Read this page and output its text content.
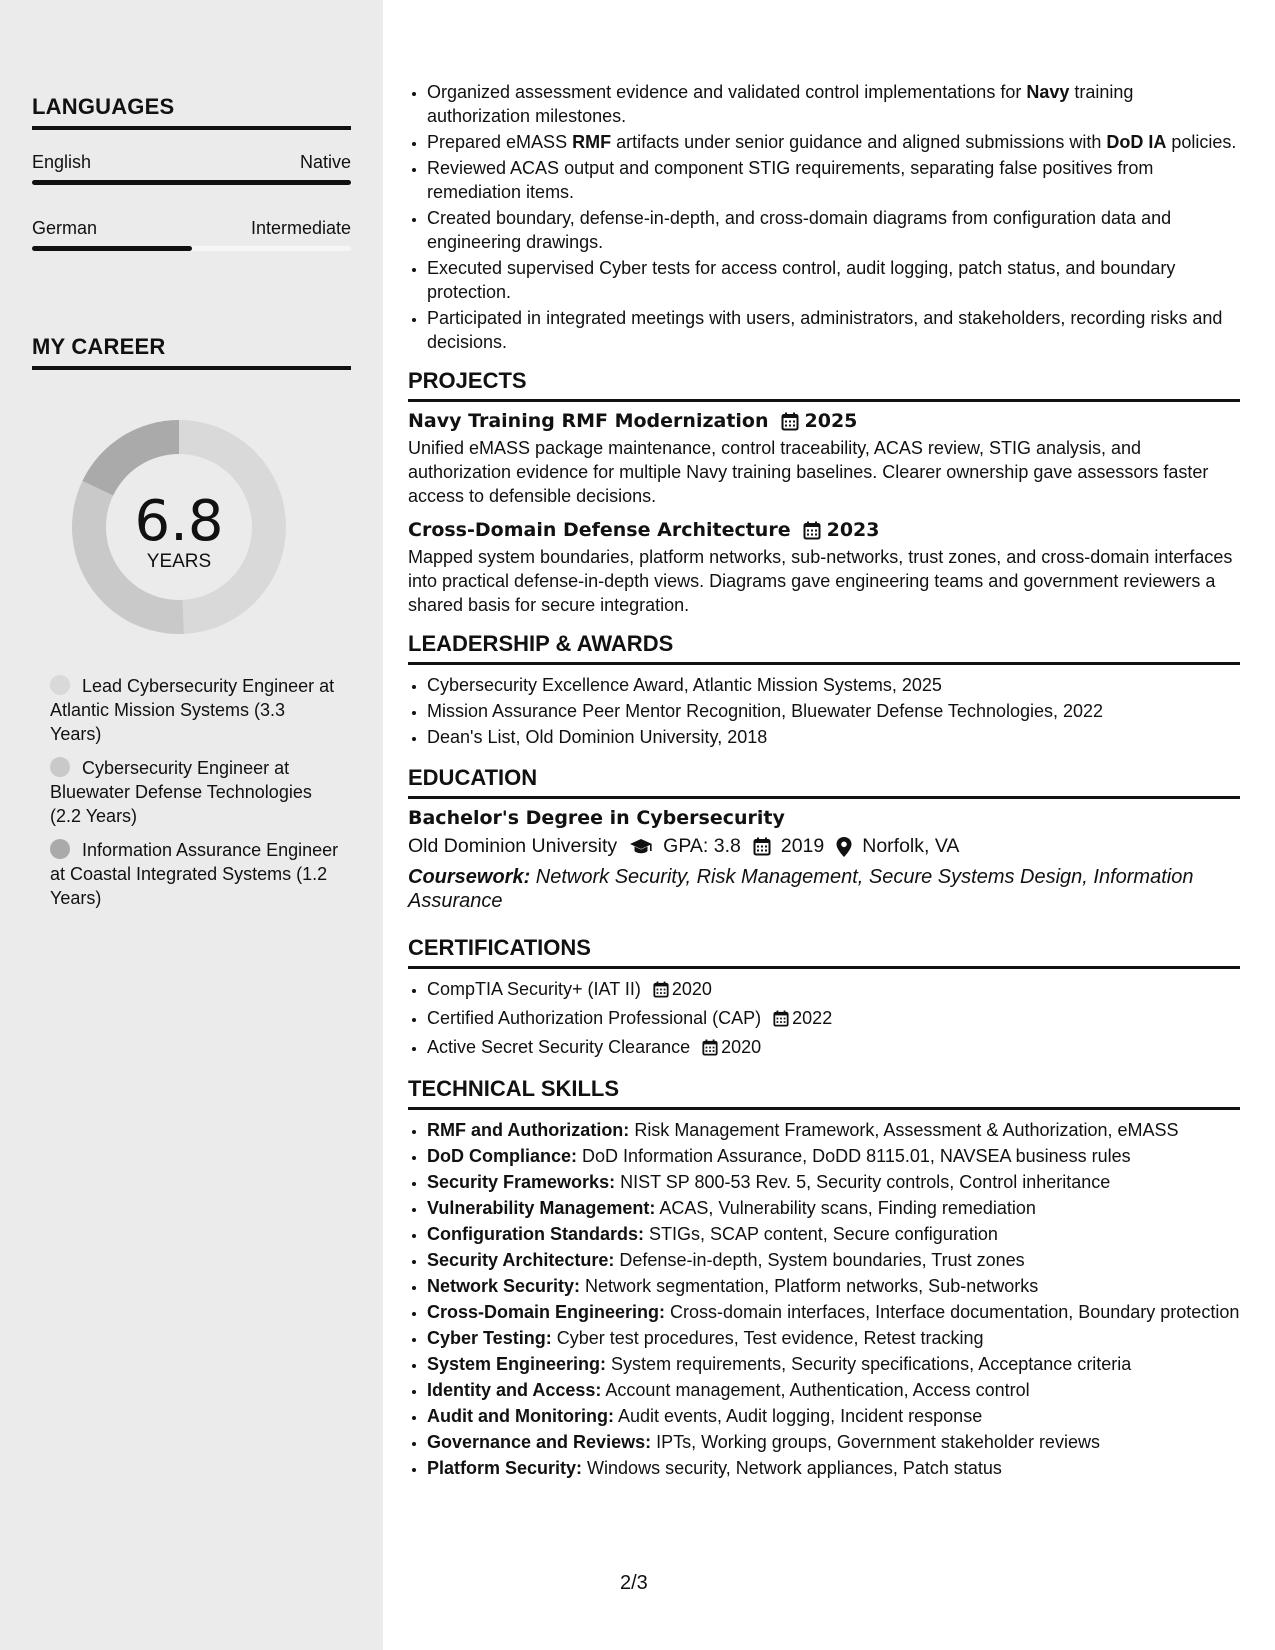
LANGUAGES
English	Native
German	Intermediate
MY CAREER
6.8
YEARS
Lead Cybersecurity Engineer at Atlantic Mission Systems (3.3 Years)
Cybersecurity Engineer at Bluewater Defense Technologies (2.2 Years)
Information Assurance Engineer at Coastal Integrated Systems (1.2 Years)
• Organized assessment evidence and validated control implementations for Navy training authorization milestones.
• Prepared eMASS RMF artifacts under senior guidance and aligned submissions with DoD IA policies.
• Reviewed ACAS output and component STIG requirements, separating false positives from remediation items.
• Created boundary, defense-in-depth, and cross-domain diagrams from configuration data and engineering drawings.
• Executed supervised Cyber tests for access control, audit logging, patch status, and boundary protection.
• Participated in integrated meetings with users, administrators, and stakeholders, recording risks and decisions.
PROJECTS
Navy Training RMF Modernization 2025
Unified eMASS package maintenance, control traceability, ACAS review, STIG analysis, and authorization evidence for multiple Navy training baselines. Clearer ownership gave assessors faster access to defensible decisions.
Cross-Domain Defense Architecture 2023
Mapped system boundaries, platform networks, sub-networks, trust zones, and cross-domain interfaces into practical defense-in-depth views. Diagrams gave engineering teams and government reviewers a shared basis for secure integration.
LEADERSHIP & AWARDS
• Cybersecurity Excellence Award, Atlantic Mission Systems, 2025
• Mission Assurance Peer Mentor Recognition, Bluewater Defense Technologies, 2022
• Dean's List, Old Dominion University, 2018
EDUCATION
Bachelor's Degree in Cybersecurity
Old Dominion University GPA: 3.8 2019 Norfolk, VA
Coursework: Network Security, Risk Management, Secure Systems Design, Information Assurance
CERTIFICATIONS
• CompTIA Security+ (IAT II) 2020
• Certified Authorization Professional (CAP) 2022
• Active Secret Security Clearance 2020
TECHNICAL SKILLS
• RMF and Authorization: Risk Management Framework, Assessment & Authorization, eMASS
• DoD Compliance: DoD Information Assurance, DoDD 8115.01, NAVSEA business rules
• Security Frameworks: NIST SP 800-53 Rev. 5, Security controls, Control inheritance
• Vulnerability Management: ACAS, Vulnerability scans, Finding remediation
• Configuration Standards: STIGs, SCAP content, Secure configuration
• Security Architecture: Defense-in-depth, System boundaries, Trust zones
• Network Security: Network segmentation, Platform networks, Sub-networks
• Cross-Domain Engineering: Cross-domain interfaces, Interface documentation, Boundary protection
• Cyber Testing: Cyber test procedures, Test evidence, Retest tracking
• System Engineering: System requirements, Security specifications, Acceptance criteria
• Identity and Access: Account management, Authentication, Access control
• Audit and Monitoring: Audit events, Audit logging, Incident response
• Governance and Reviews: IPTs, Working groups, Government stakeholder reviews
• Platform Security: Windows security, Network appliances, Patch status
2/3
